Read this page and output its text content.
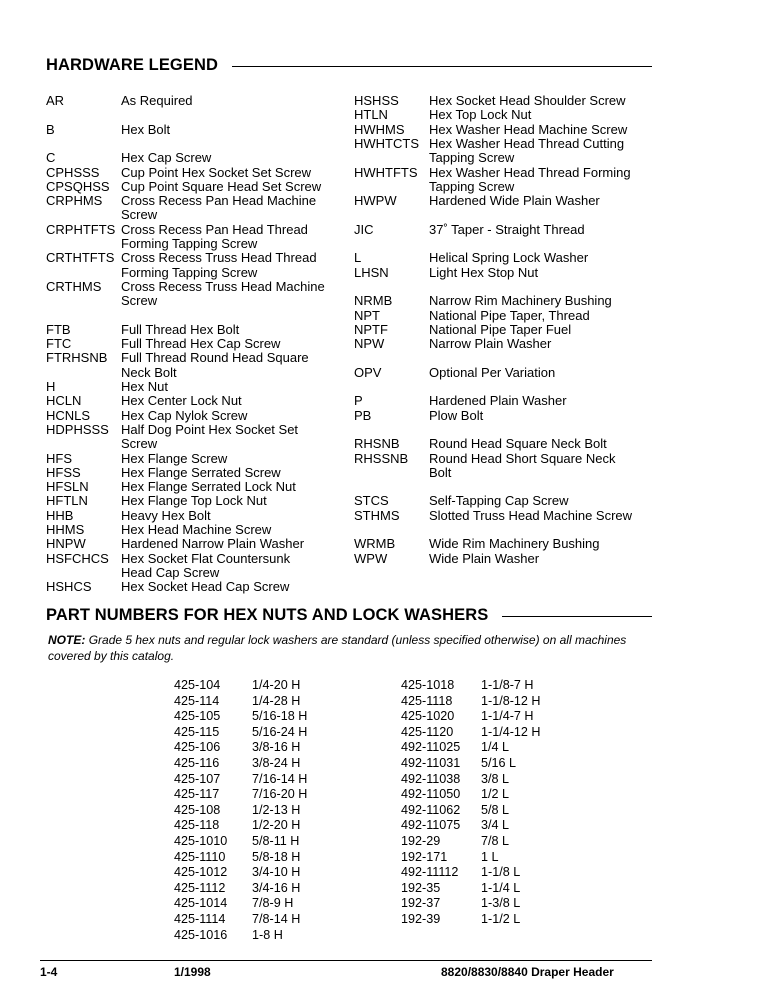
HARDWARE LEGEND
AR	As Required
B	Hex Bolt
C	Hex Cap Screw
CPHSSS Cup Point Hex Socket Set Screw
CPSQHSS Cup Point Square Head Set Screw
CRPHMS Cross Recess Pan Head Machine
Screw
CRPHTFTS Cross Recess Pan Head Thread
Forming Tapping Screw
CRTHTFTS Cross Recess Truss Head Thread
Forming Tapping Screw
CRTHMS Cross Recess Truss Head Machine
Screw
FTB	Full Thread Hex Bolt
FTC	Full Thread Hex Cap Screw
FTRHSNB Full Thread Round Head Square
Neck Bolt
H	Hex Nut
HCLN	Hex Center Lock Nut
HCNLS Hex Cap Nylok Screw
HDPHSSS Half Dog Point Hex Socket Set
Screw
HFS	Hex Flange Screw
HFSS	Hex Flange Serrated Screw
HFSLN Hex Flange Serrated Lock Nut
HFTLN	Hex Flange Top Lock Nut
HHB	Heavy Hex Bolt
HHMS	Hex Head Machine Screw
HNPW	Hardened Narrow Plain Washer
HSFCHCS Hex Socket Flat Countersunk
Head Cap Screw
HSHCS Hex Socket Head Cap Screw
HSHSS Hex Socket Head Shoulder Screw
HTLN	Hex Top Lock Nut
HWHMS Hex Washer Head Machine Screw
HWHTCTS Hex Washer Head Thread Cutting
Tapping Screw
HWHTFTS Hex Washer Head Thread Forming
Tapping Screw
HWPW Hardened Wide Plain Washer
JIC	37˚ Taper - Straight Thread
L	Helical Spring Lock Washer
LHSN	Light Hex Stop Nut
NRMB	Narrow Rim Machinery Bushing
NPT	National Pipe Taper, Thread
NPTF	National Pipe Taper Fuel
NPW	Narrow Plain Washer
OPV	Optional Per Variation
P	Hardened Plain Washer
PB	Plow Bolt
RHSNB Round Head Square Neck Bolt
RHSSNB Round Head Short Square Neck
Bolt
STCS	Self-Tapping Cap Screw
STHMS Slotted Truss Head Machine Screw
WRMB	Wide Rim Machinery Bushing
WPW	Wide Plain Washer
PART NUMBERS FOR HEX NUTS AND LOCK WASHERS
NOTE: Grade 5 hex nuts and regular lock washers are standard (unless specified otherwise) on all machines covered by this catalog.
425-104	1/4-20 H
425-114	1/4-28 H
425-105	5/16-18 H
425-115	5/16-24 H
425-106	3/8-16 H
425-116	3/8-24 H
425-107	7/16-14 H
425-117	7/16-20 H
425-108	1/2-13 H
425-118	1/2-20 H
425-1010 5/8-11 H
425-1110 5/8-18 H
425-1012 3/4-10 H
425-1112 3/4-16 H
425-1014 7/8-9 H
425-1114 7/8-14 H
425-1016 1-8 H
425-1018 1-1/8-7 H
425-1118 1-1/8-12 H
425-1020 1-1/4-7 H
425-1120 1-1/4-12 H
492-11025 1/4 L
492-11031 5/16 L
492-11038 3/8 L
492-11050 1/2 L
492-11062 5/8 L
492-11075 3/4 L
192-29	7/8 L
192-171	1 L
492-11112 1-1/8 L
192-35	1-1/4 L
192-37	1-3/8 L
192-39	1-1/2 L
1-4	1/1998	8820/8830/8840 Draper Header
